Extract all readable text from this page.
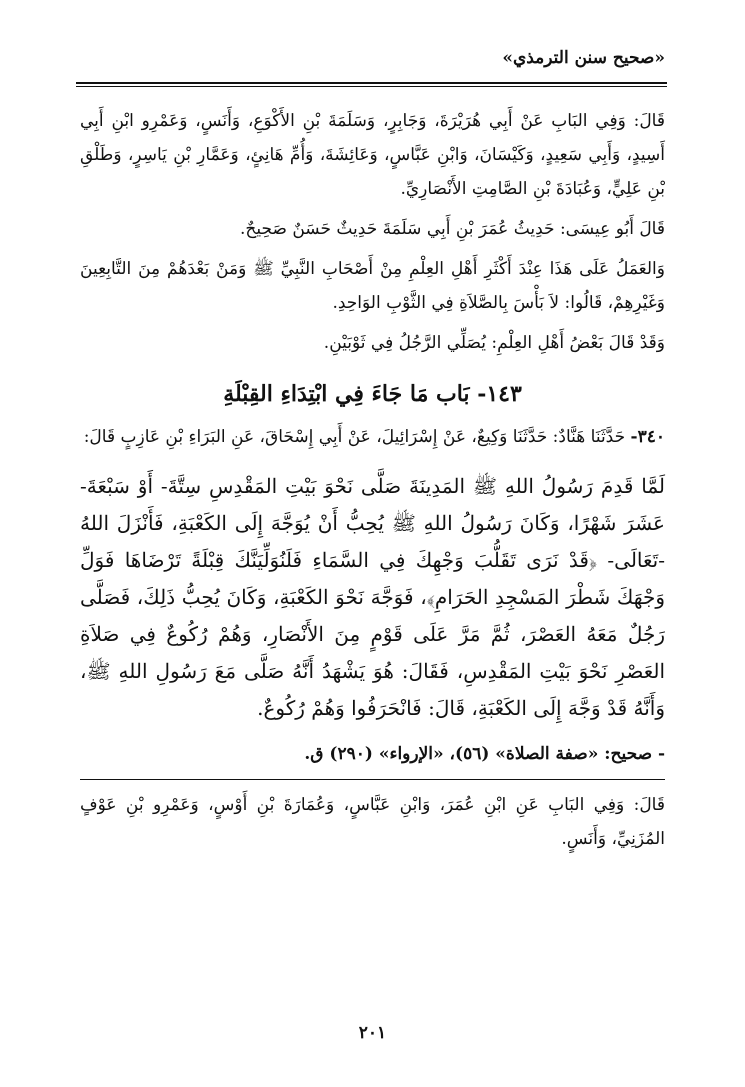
«صحيح سنن الترمذي»

قَالَ: وَفِي البَابِ عَنْ أَبِي هُرَيْرَةَ، وَجَابِرٍ، وَسَلَمَةَ بْنِ الأَكْوَعِ، وَأَنَسٍ، وَعَمْرِو ابْنِ أَبِي أَسِيدٍ، وَأَبِي سَعِيدٍ، وَكَيْسَانَ، وَابْنِ عَبَّاسٍ، وَعَائِشَةَ، وَأُمِّ هَانِئٍ، وَعَمَّارِ بْنِ يَاسِرٍ، وَطَلْقِ بْنِ عَلِيٍّ، وَعُبَادَةَ بْنِ الصَّامِتِ الأَنْصَارِيِّ.

قَالَ أَبُو عِيسَى: حَدِيثُ عُمَرَ بْنِ أَبِي سَلَمَةَ حَدِيثٌ حَسَنٌ صَحِيحٌ.

وَالعَمَلُ عَلَى هَذَا عِنْدَ أَكْثَرِ أَهْلِ العِلْمِ مِنْ أَصْحَابِ النَّبِيِّ ﷺ وَمَنْ بَعْدَهُمْ مِنَ التَّابِعِينَ وَغَيْرِهِمْ، قَالُوا: لاَ بَأْسَ بِالصَّلاَةِ فِي الثَّوْبِ الوَاحِدِ.

وَقَدْ قَالَ بَعْضُ أَهْلِ العِلْمِ: يُصَلِّي الرَّجُلُ فِي ثَوْبَيْنِ.

١٤٣- بَاب مَا جَاءَ فِي ابْتِدَاءِ القِبْلَةِ

٣٤٠- حَدَّثَنَا هَنَّادٌ: حَدَّثَنَا وَكِيعٌ، عَنْ إِسْرَائِيلَ، عَنْ أَبِي إِسْحَاقَ، عَنِ البَرَاءِ بْنِ عَازِبٍ قَالَ:

لَمَّا قَدِمَ رَسُولُ اللهِ ﷺ المَدِينَةَ صَلَّى نَحْوَ بَيْتِ المَقْدِسِ سِتَّةَ- أَوْ سَبْعَةَ- عَشَرَ شَهْرًا، وَكَانَ رَسُولُ اللهِ ﷺ يُحِبُّ أَنْ يُوَجَّهَ إِلَى الكَعْبَةِ، فَأَنْزَلَ اللهُ -تَعَالَى- ﴿قَدْ نَرَى تَقَلُّبَ وَجْهِكَ فِي السَّمَاءِ فَلَنُوَلِّيَنَّكَ قِبْلَةً تَرْضَاهَا فَوَلِّ وَجْهَكَ شَطْرَ المَسْجِدِ الحَرَامِ﴾، فَوَجَّهَ نَحْوَ الكَعْبَةِ، وَكَانَ يُحِبُّ ذَلِكَ، فَصَلَّى رَجُلٌ مَعَهُ العَصْرَ، ثُمَّ مَرَّ عَلَى قَوْمٍ مِنَ الأَنْصَارِ، وَهُمْ رُكُوعٌ فِي صَلاَةِ العَصْرِ نَحْوَ بَيْتِ المَقْدِسِ، فَقَالَ: هُوَ يَشْهَدُ أَنَّهُ صَلَّى مَعَ رَسُولِ اللهِ ﷺ، وَأَنَّهُ قَدْ وَجَّهَ إِلَى الكَعْبَةِ، قَالَ: فَانْحَرَفُوا وَهُمْ رُكُوعٌ.

- صحيح: «صفة الصلاة» (٥٦)، «الإرواء» (٢٩٠) ق.

قَالَ: وَفِي البَابِ عَنِ ابْنِ عُمَرَ، وَابْنِ عَبَّاسٍ، وَعُمَارَةَ بْنِ أَوْسٍ، وَعَمْرِو بْنِ عَوْفٍ المُزَنِيِّ، وَأَنَسٍ.

٢٠١
